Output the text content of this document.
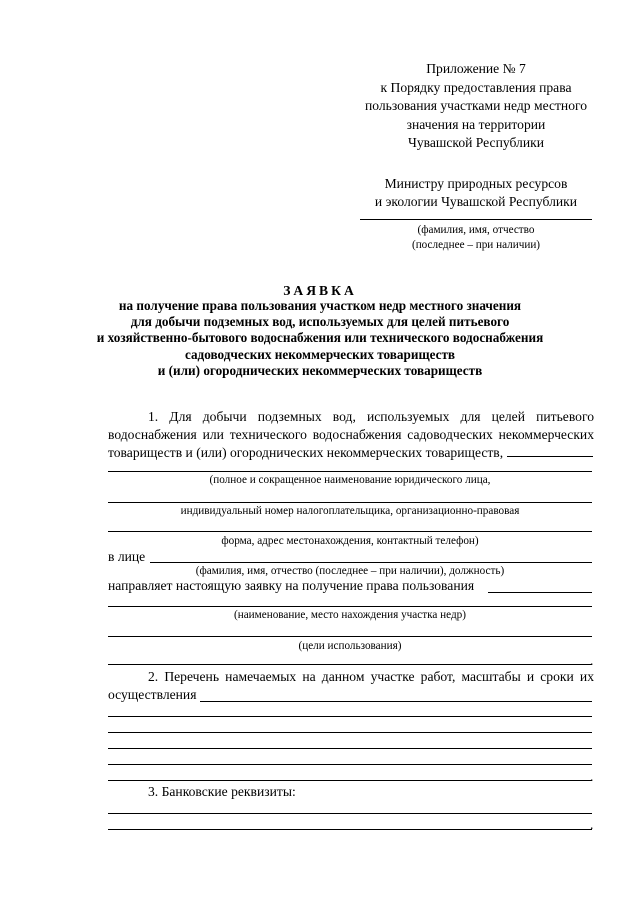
Приложение № 7
к Порядку предоставления права
пользования участками недр местного
значения на территории
Чувашской Республики
Министру природных ресурсов
и экологии Чувашской Республики
(фамилия, имя, отчество
(последнее – при наличии)
ЗАЯВКА
на получение права пользования участком недр местного значения
для добычи подземных вод, используемых для целей питьевого
и хозяйственно-бытового водоснабжения или технического водоснабжения
садоводческих некоммерческих товариществ
и (или) огороднических некоммерческих товариществ
1. Для добычи подземных вод, используемых для целей питьевого водоснабжения или технического водоснабжения садоводческих некоммерческих товариществ и (или) огороднических некоммерческих товариществ,
(полное и сокращенное наименование юридического лица,
индивидуальный номер налогоплательщика, организационно-правовая
форма, адрес местонахождения, контактный телефон)
в лице
(фамилия, имя, отчество (последнее – при наличии), должность)
направляет настоящую заявку на получение права пользования
(наименование, место нахождения участка недр)
(цели использования)
.
2. Перечень намечаемых на данном участке работ, масштабы и сроки их осуществления
.
3. Банковские реквизиты:
.
